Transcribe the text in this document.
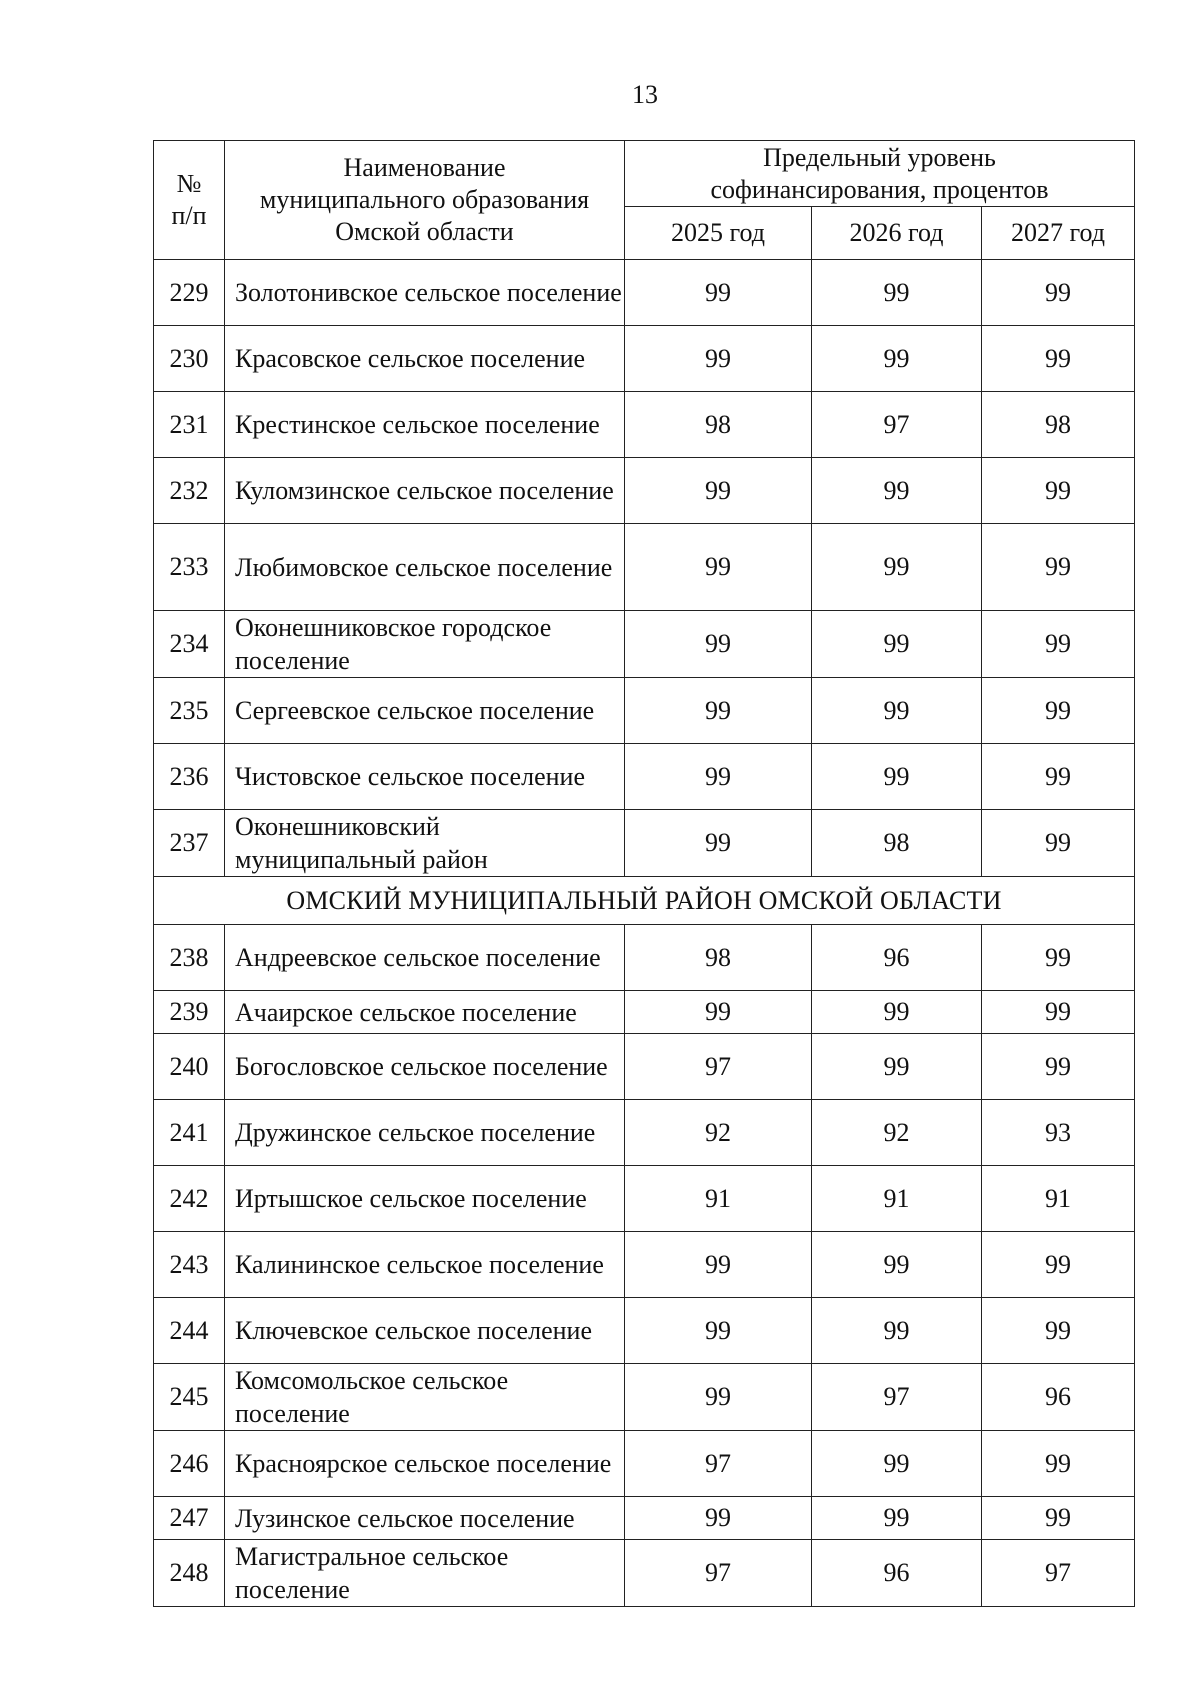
13
№
п/п	Наименование муниципального образования Омской области	Предельный уровень софинансирования, процентов		
		2025 год	2026 год	2027 год
229	Золотонивское сельское поселение	99	99	99
230	Красовское сельское поселение	99	99	99
231	Крестинское сельское поселение	98	97	98
232	Куломзинское сельское поселение	99	99	99
233	Любимовское сельское поселение	99	99	99
234	Оконешниковское городское поселение	99	99	99
235	Сергеевское сельское поселение	99	99	99
236	Чистовское сельское поселение	99	99	99
237	Оконешниковский муниципальный район	99	98	99
ОМСКИЙ МУНИЦИПАЛЬНЫЙ РАЙОН ОМСКОЙ ОБЛАСТИ				
238	Андреевское сельское поселение	98	96	99
239	Ачаирское сельское поселение	99	99	99
240	Богословское сельское поселение	97	99	99
241	Дружинское сельское поселение	92	92	93
242	Иртышское сельское поселение	91	91	91
243	Калининское сельское поселение	99	99	99
244	Ключевское сельское поселение	99	99	99
245	Комсомольское сельское поселение	99	97	96
246	Красноярское сельское поселение	97	99	99
247	Лузинское сельское поселение	99	99	99
248	Магистральное сельское поселение	97	96	97
